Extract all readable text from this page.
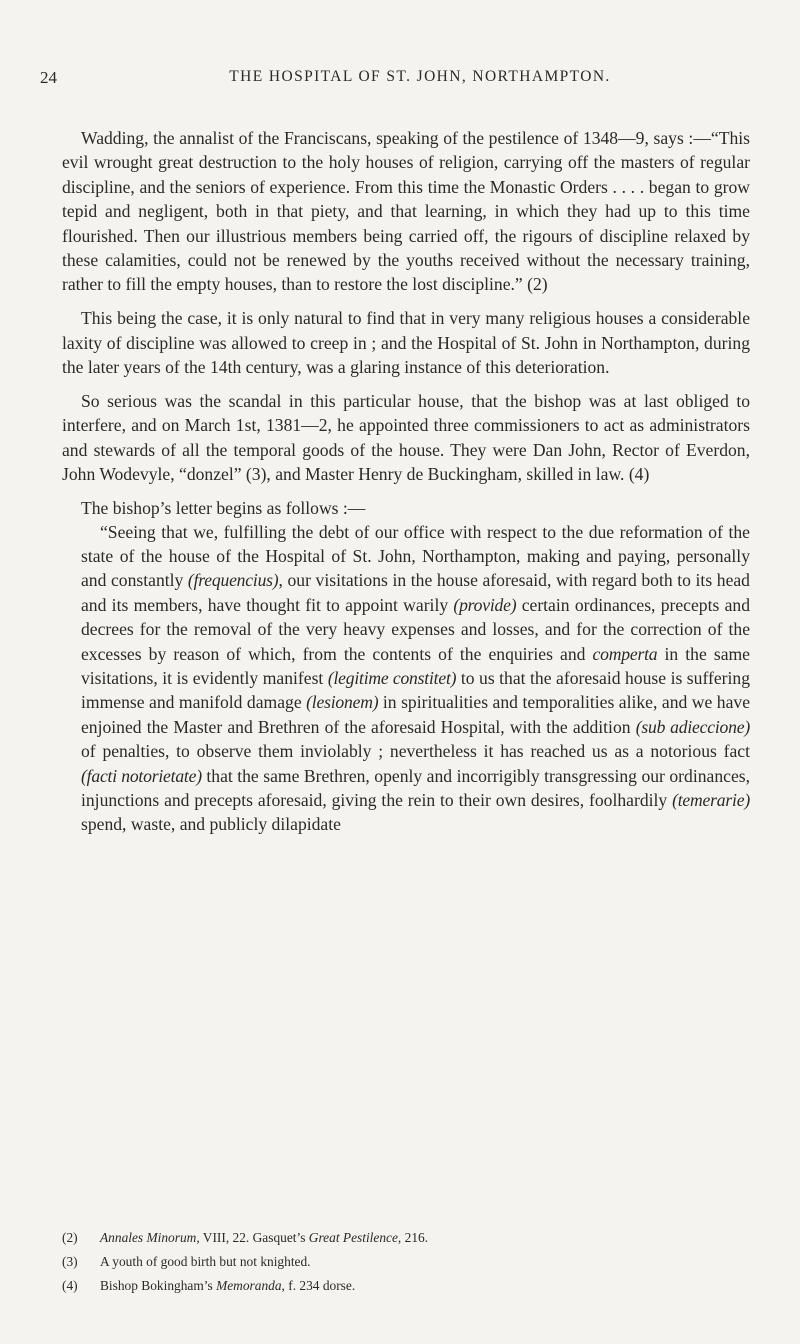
24	THE HOSPITAL OF ST. JOHN, NORTHAMPTON.

Wadding, the annalist of the Franciscans, speaking of the pestilence of 1348—9, says :—“This evil wrought great destruction to the holy houses of religion, carrying off the masters of regular discipline, and the seniors of experience. From this time the Monastic Orders . . . . began to grow tepid and negligent, both in that piety, and that learning, in which they had up to this time flourished. Then our illustrious members being carried off, the rigours of discipline relaxed by these calamities, could not be renewed by the youths received without the necessary training, rather to fill the empty houses, than to restore the lost discipline.” (2)

This being the case, it is only natural to find that in very many religious houses a considerable laxity of discipline was allowed to creep in ; and the Hospital of St. John in Northampton, during the later years of the 14th century, was a glaring instance of this deterioration.

So serious was the scandal in this particular house, that the bishop was at last obliged to interfere, and on March 1st, 1381—2, he appointed three commissioners to act as administrators and stewards of all the temporal goods of the house. They were Dan John, Rector of Everdon, John Wodevyle, “donzel” (3), and Master Henry de Buckingham, skilled in law. (4)

The bishop’s letter begins as follows :—

“Seeing that we, fulfilling the debt of our office with respect to the due reformation of the state of the house of the Hospital of St. John, Northampton, making and paying, personally and constantly (frequencius), our visitations in the house aforesaid, with regard both to its head and its members, have thought fit to appoint warily (provide) certain ordinances, precepts and decrees for the removal of the very heavy expenses and losses, and for the correction of the excesses by reason of which, from the contents of the enquiries and comperta in the same visitations, it is evidently manifest (legitime constitet) to us that the aforesaid house is suffering immense and manifold damage (lesionem) in spiritualities and temporalities alike, and we have enjoined the Master and Brethren of the aforesaid Hospital, with the addition (sub adieccione) of penalties, to observe them inviolably ; nevertheless it has reached us as a notorious fact (facti notorietate) that the same Brethren, openly and incorrigibly transgressing our ordinances, injunctions and precepts aforesaid, giving the rein to their own desires, foolhardily (temerarie) spend, waste, and publicly dilapidate

(2)	Annales Minorum, VIII, 22. Gasquet’s Great Pestilence, 216.
(3)	A youth of good birth but not knighted.
(4)	Bishop Bokingham’s Memoranda, f. 234 dorse.
